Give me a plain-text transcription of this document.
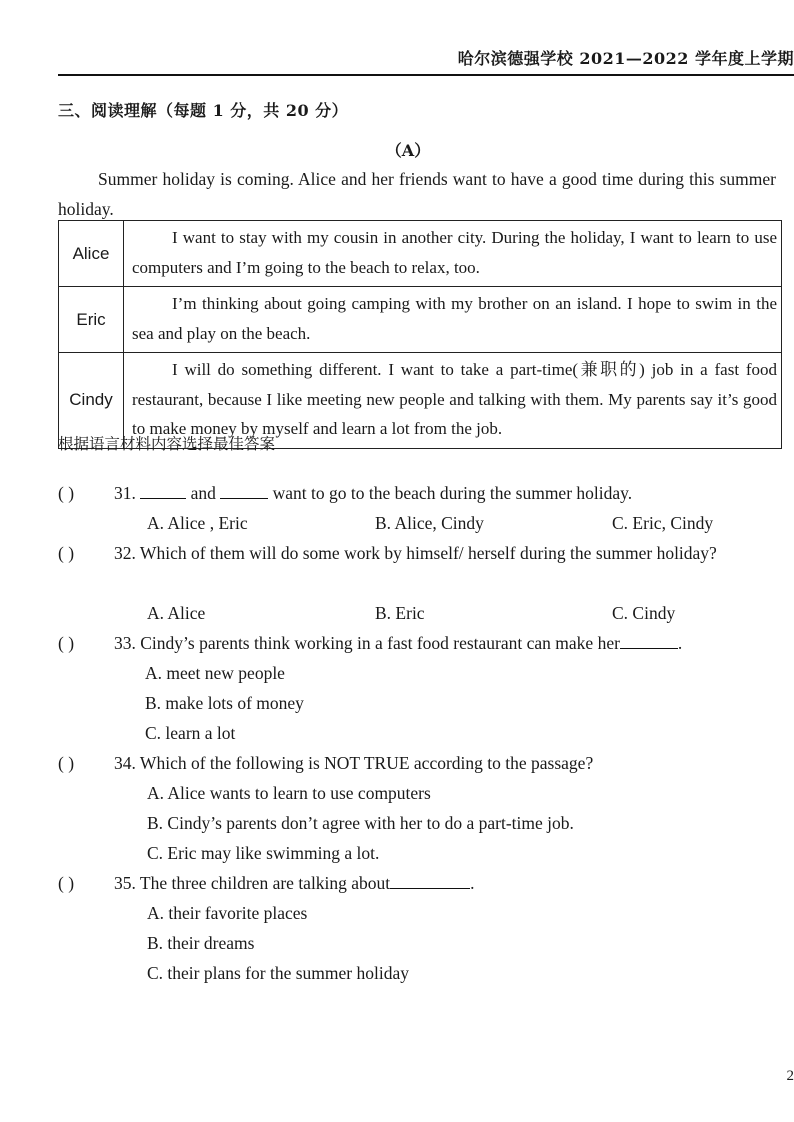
哈尔滨德强学校 2021—2022 学年度上学期
三、阅读理解（每题 1 分，共 20 分）
（A）
Summer holiday is coming. Alice and her friends want to have a good time during this summer holiday.
Alice	I want to stay with my cousin in another city. During the holiday, I want to learn to use computers and I’m going to the beach to relax, too.

Eric	I’m thinking about going camping with my brother on an island. I hope to swim in the sea and play on the beach.

Cindy	I will do something different. I want to take a part-time(兼职的) job in a fast food restaurant, because I like meeting new people and talking with them. My parents say it’s good to make money by myself and learn a lot from the job.

根据语言材料内容选择最佳答案
( ) 31.	and	want to go to the beach during the summer holiday.
A. Alice , Eric	B. Alice, Cindy	C. Eric, Cindy
( ) 32. Which of them will do some work by himself/ herself during the summer holiday?
A. Alice	B. Eric	C. Cindy
( ) 33. Cindy’s parents think working in a fast food restaurant can make her	.
A. meet new people
B. make lots of money
C. learn a lot
( ) 34. Which of the following is NOT TRUE according to the passage?
A. Alice wants to learn to use computers
B. Cindy’s parents don’t agree with her to do a part-time job.
C. Eric may like swimming a lot.
( ) 35. The three children are talking about	.
A. their favorite places
B. their dreams
C. their plans for the summer holiday
2
